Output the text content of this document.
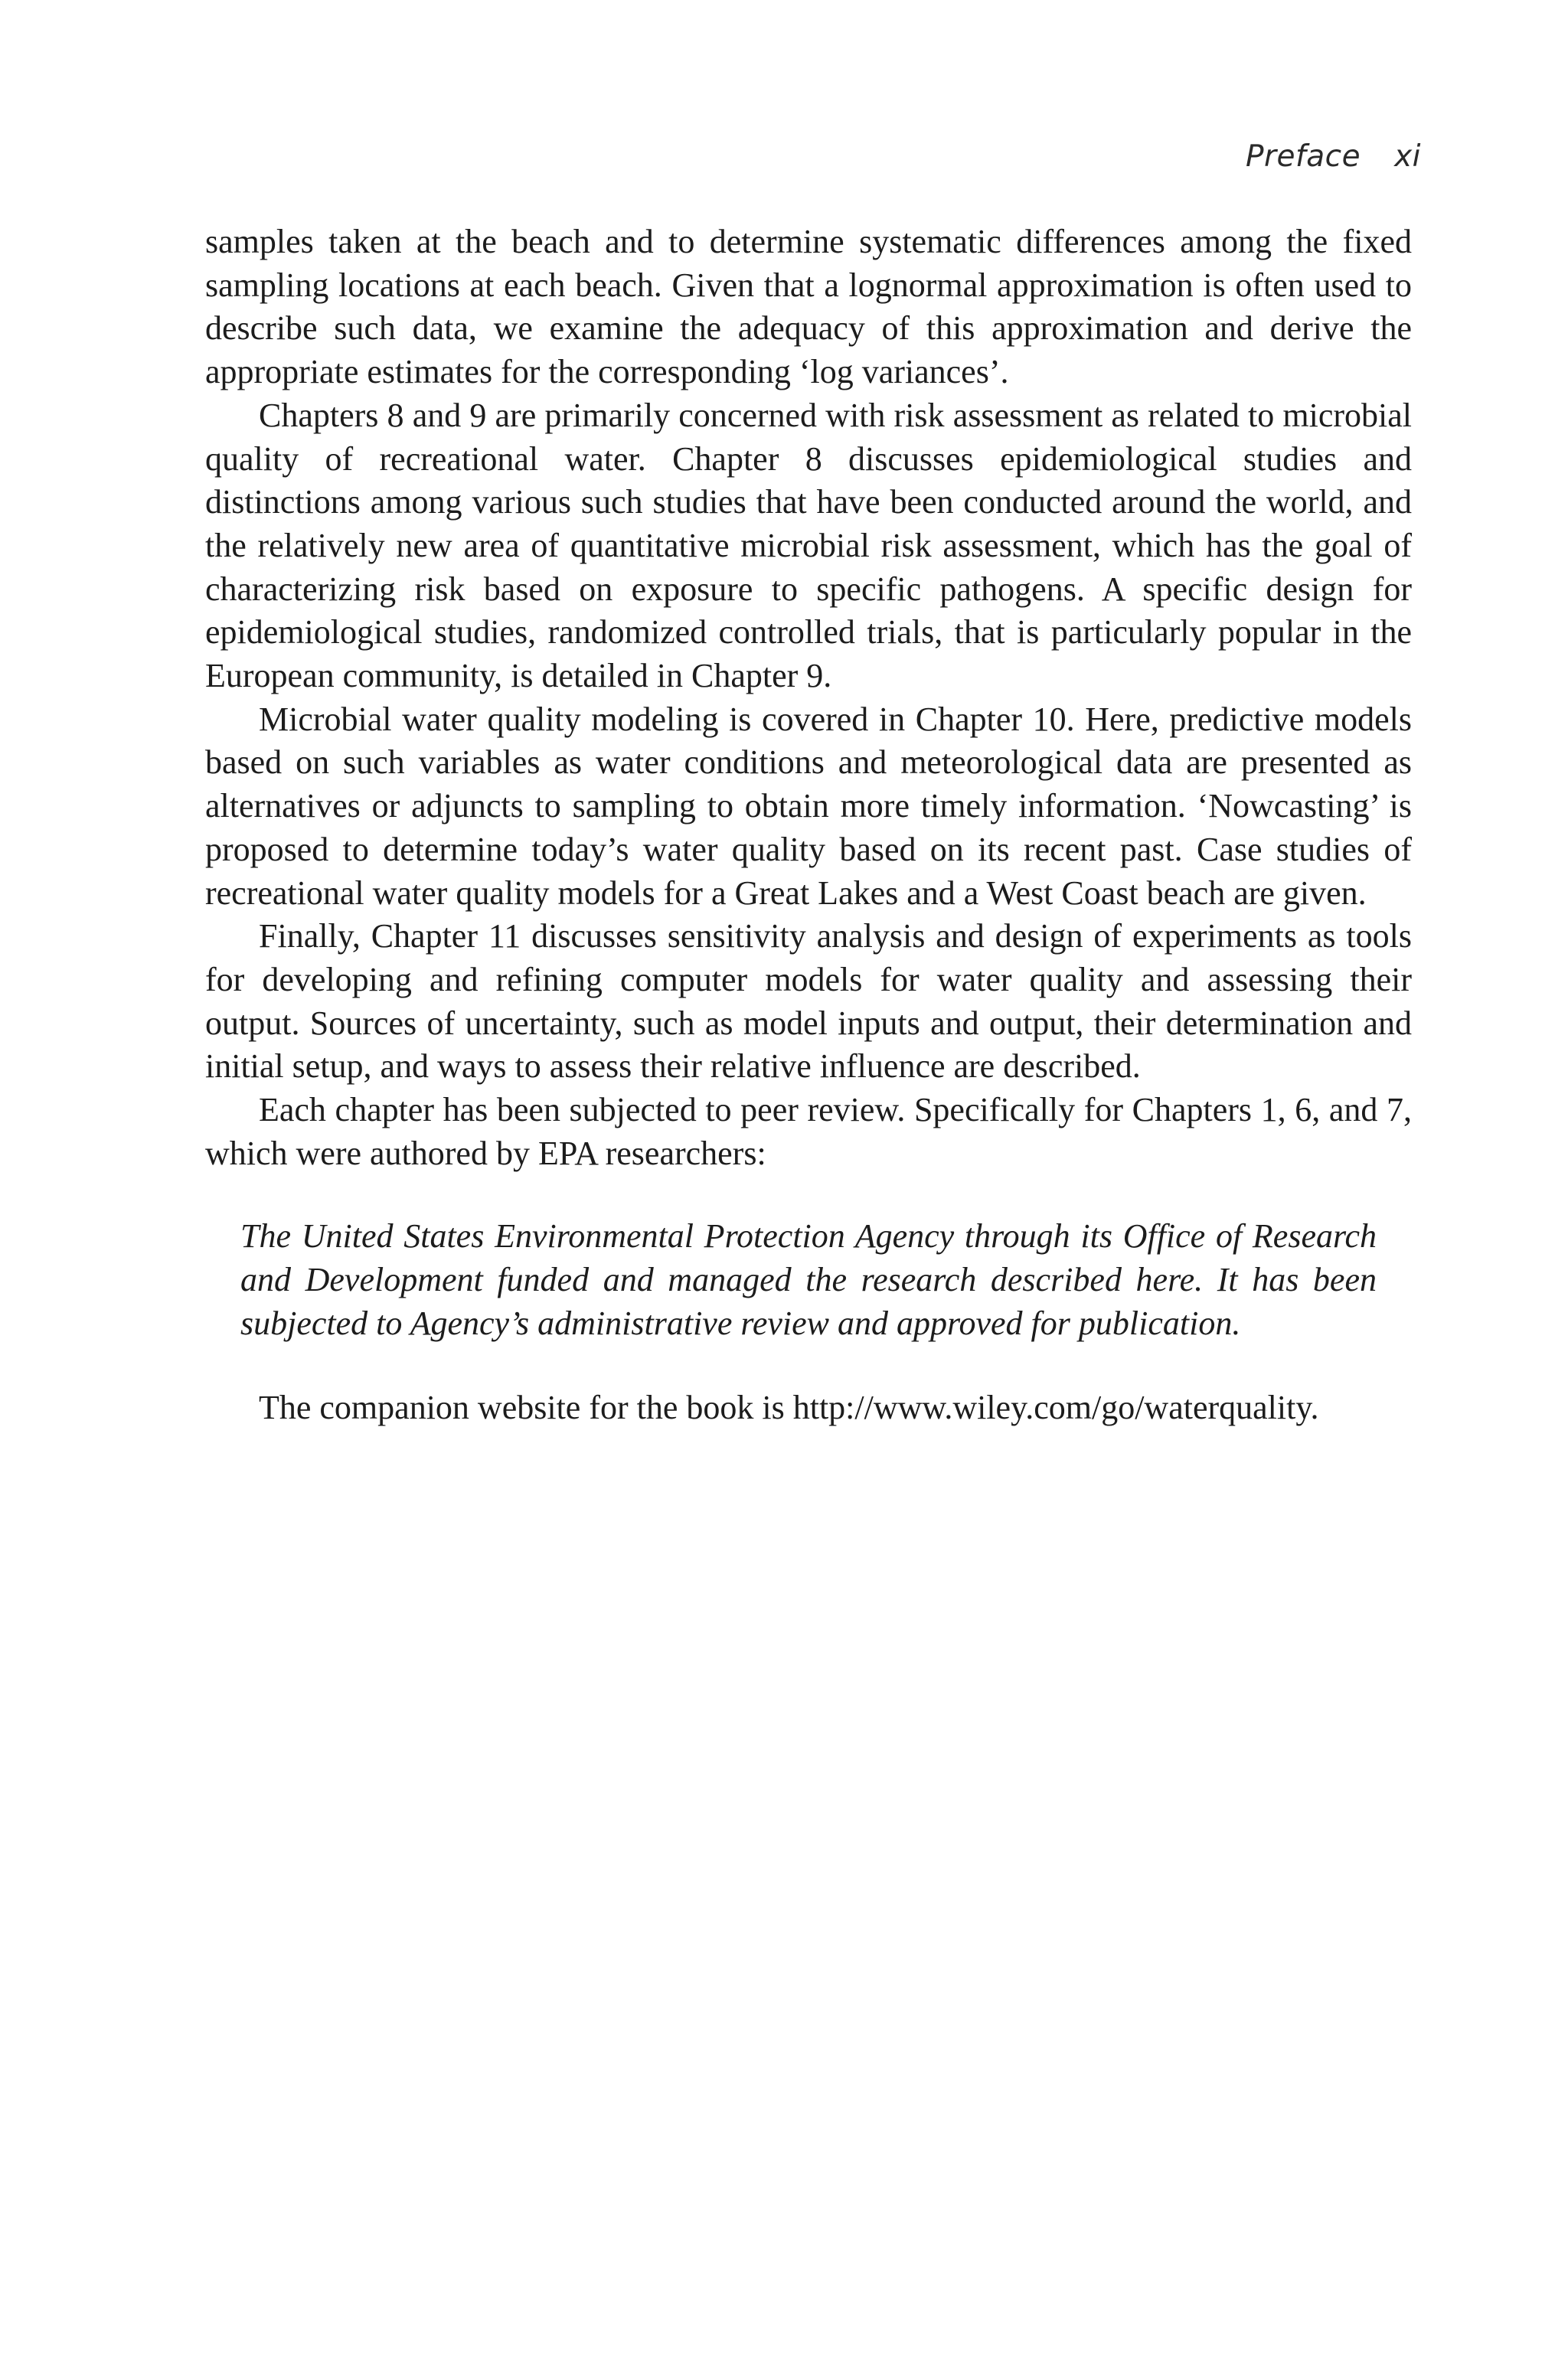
Preface xi

samples taken at the beach and to determine systematic differences among the fixed sampling locations at each beach. Given that a lognormal approximation is often used to describe such data, we examine the adequacy of this approximation and derive the appropriate estimates for the corresponding ‘log variances’.

Chapters 8 and 9 are primarily concerned with risk assessment as related to microbial quality of recreational water. Chapter 8 discusses epidemiological studies and distinctions among various such studies that have been conducted around the world, and the relatively new area of quantitative microbial risk assessment, which has the goal of characterizing risk based on exposure to specific pathogens. A specific design for epidemiological studies, randomized controlled trials, that is particularly popular in the European community, is detailed in Chapter 9.

Microbial water quality modeling is covered in Chapter 10. Here, predictive models based on such variables as water conditions and meteorological data are presented as alternatives or adjuncts to sampling to obtain more timely information. ‘Nowcasting’ is proposed to determine today’s water quality based on its recent past. Case studies of recreational water quality models for a Great Lakes and a West Coast beach are given.

Finally, Chapter 11 discusses sensitivity analysis and design of experiments as tools for developing and refining computer models for water quality and assessing their output. Sources of uncertainty, such as model inputs and output, their determination and initial setup, and ways to assess their relative influence are described.

Each chapter has been subjected to peer review. Specifically for Chapters 1, 6, and 7, which were authored by EPA researchers:

The United States Environmental Protection Agency through its Office of Research and Development funded and managed the research described here. It has been subjected to Agency’s administrative review and approved for publication.

The companion website for the book is http://www.wiley.com/go/waterquality.
